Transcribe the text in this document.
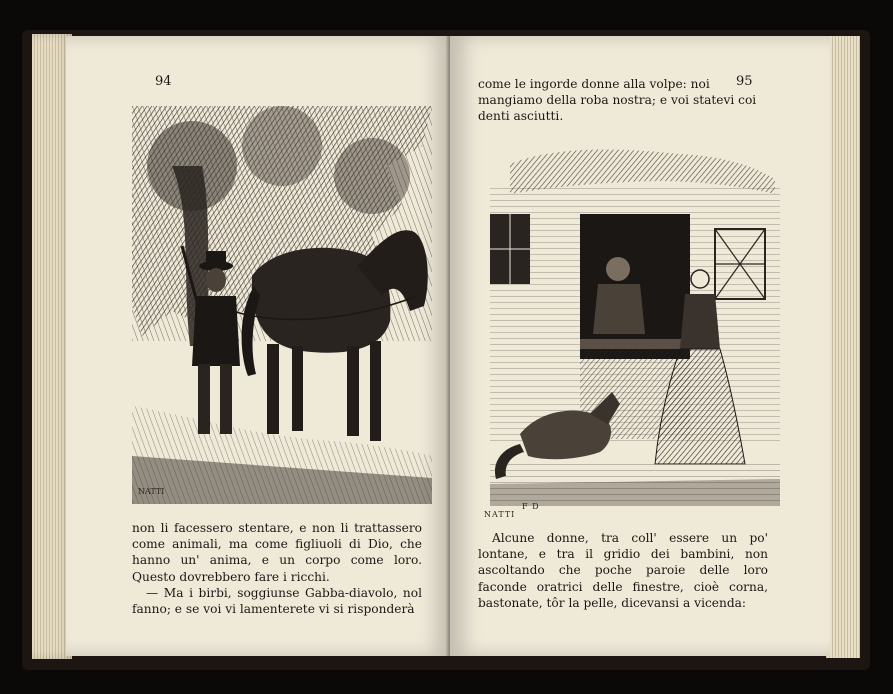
94
NATTI

non li facessero stentare, e non li trattassero come animali, ma come figliuoli di Dio, che hanno un' anima, e un corpo come loro. Questo dovrebbero fare i ricchi.

— Ma i birbi, soggiunse Gabba-diavolo, nol fanno; e se voi vi lamenterete vi si risponderà

95
come le ingorde donne alla volpe: noi mangiamo della roba nostra; e voi statevi coi denti asciutti.
F D
NATTI

Alcune donne, tra coll' essere un po' lontane, e tra il gridio dei bambini, non ascoltando che poche paroie delle loro faconde oratrici delle finestre, cioè corna, bastonate, tôr la pelle, dicevansi a vicenda:
